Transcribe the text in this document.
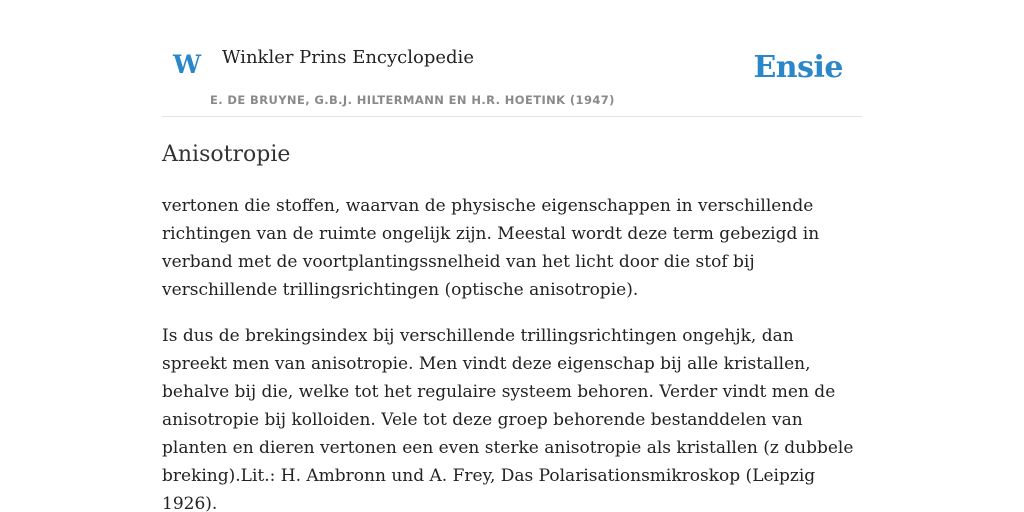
W Winkler Prins Encyclopedie
E. DE BRUYNE, G.B.J. HILTERMANN EN H.R. HOETINK (1947)
Ensie
Anisotropie

vertonen die stoffen, waarvan de physische eigenschappen in verschillende richtingen van de ruimte ongelijk zijn. Meestal wordt deze term gebezigd in verband met de voortplantingssnelheid van het licht door die stof bij verschillende trillingsrichtingen (optische anisotropie).

Is dus de brekingsindex bij verschillende trillingsrichtingen ongehjk, dan spreekt men van anisotropie. Men vindt deze eigenschap bij alle kristallen, behalve bij die, welke tot het regulaire systeem behoren. Verder vindt men de anisotropie bij kolloiden. Vele tot deze groep behorende bestanddelen van planten en dieren vertonen een even sterke anisotropie als kristallen (z dubbele breking).Lit.: H. Ambronn und A. Frey, Das Polarisationsmikroskop (Leipzig 1926).
